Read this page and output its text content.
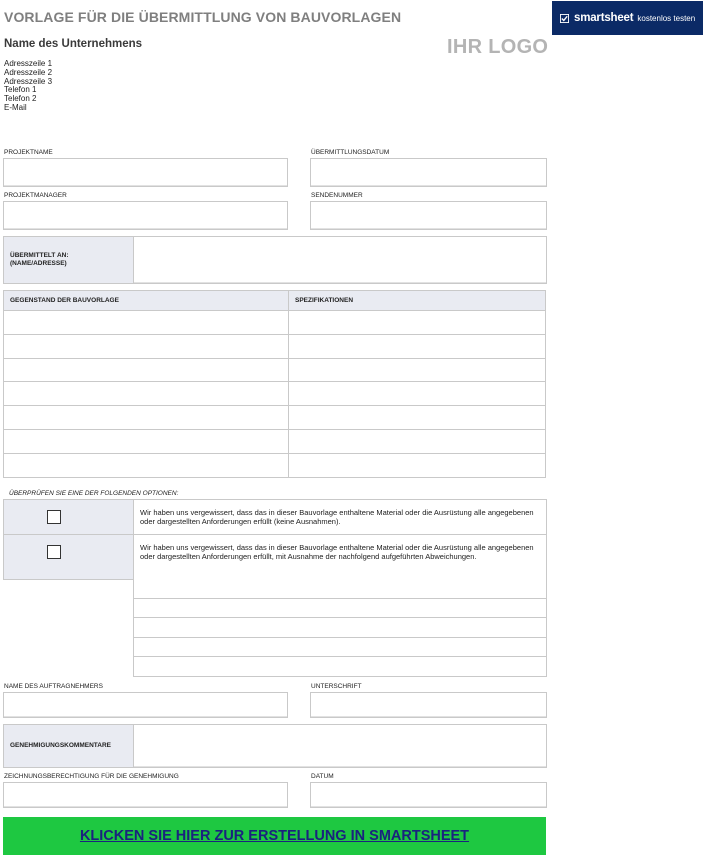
VORLAGE FÜR DIE ÜBERMITTLUNG VON BAUVORLAGEN
Name des Unternehmens
Adresszeile 1
Adresszeile 2
Adresszeile 3
Telefon 1
Telefon 2
E-Mail
IHR LOGO
smartsheet kostenlos testen
PROJEKTNAME	ÜBERMITTLUNGSDATUM
PROJEKTMANAGER	SENDENUMMER
ÜBERMITTELT AN:
(NAME/ADRESSE)
GEGENSTAND DER BAUVORLAGE	SPEZIFIKATIONEN

ÜBERPRÜFEN SIE EINE DER FOLGENDEN OPTIONEN:
Wir haben uns vergewissert, dass das in dieser Bauvorlage enthaltene Material oder die Ausrüstung alle angegebenen oder dargestellten Anforderungen erfüllt (keine Ausnahmen).
Wir haben uns vergewissert, dass das in dieser Bauvorlage enthaltene Material oder die Ausrüstung alle angegebenen oder dargestellten Anforderungen erfüllt, mit Ausnahme der nachfolgend aufgeführten Abweichungen.
NAME DES AUFTRAGNEHMERS	UNTERSCHRIFT
GENEHMIGUNGSKOMMENTARE
ZEICHNUNGSBERECHTIGUNG FÜR DIE GENEHMIGUNG	DATUM
KLICKEN SIE HIER ZUR ERSTELLUNG IN SMARTSHEET
